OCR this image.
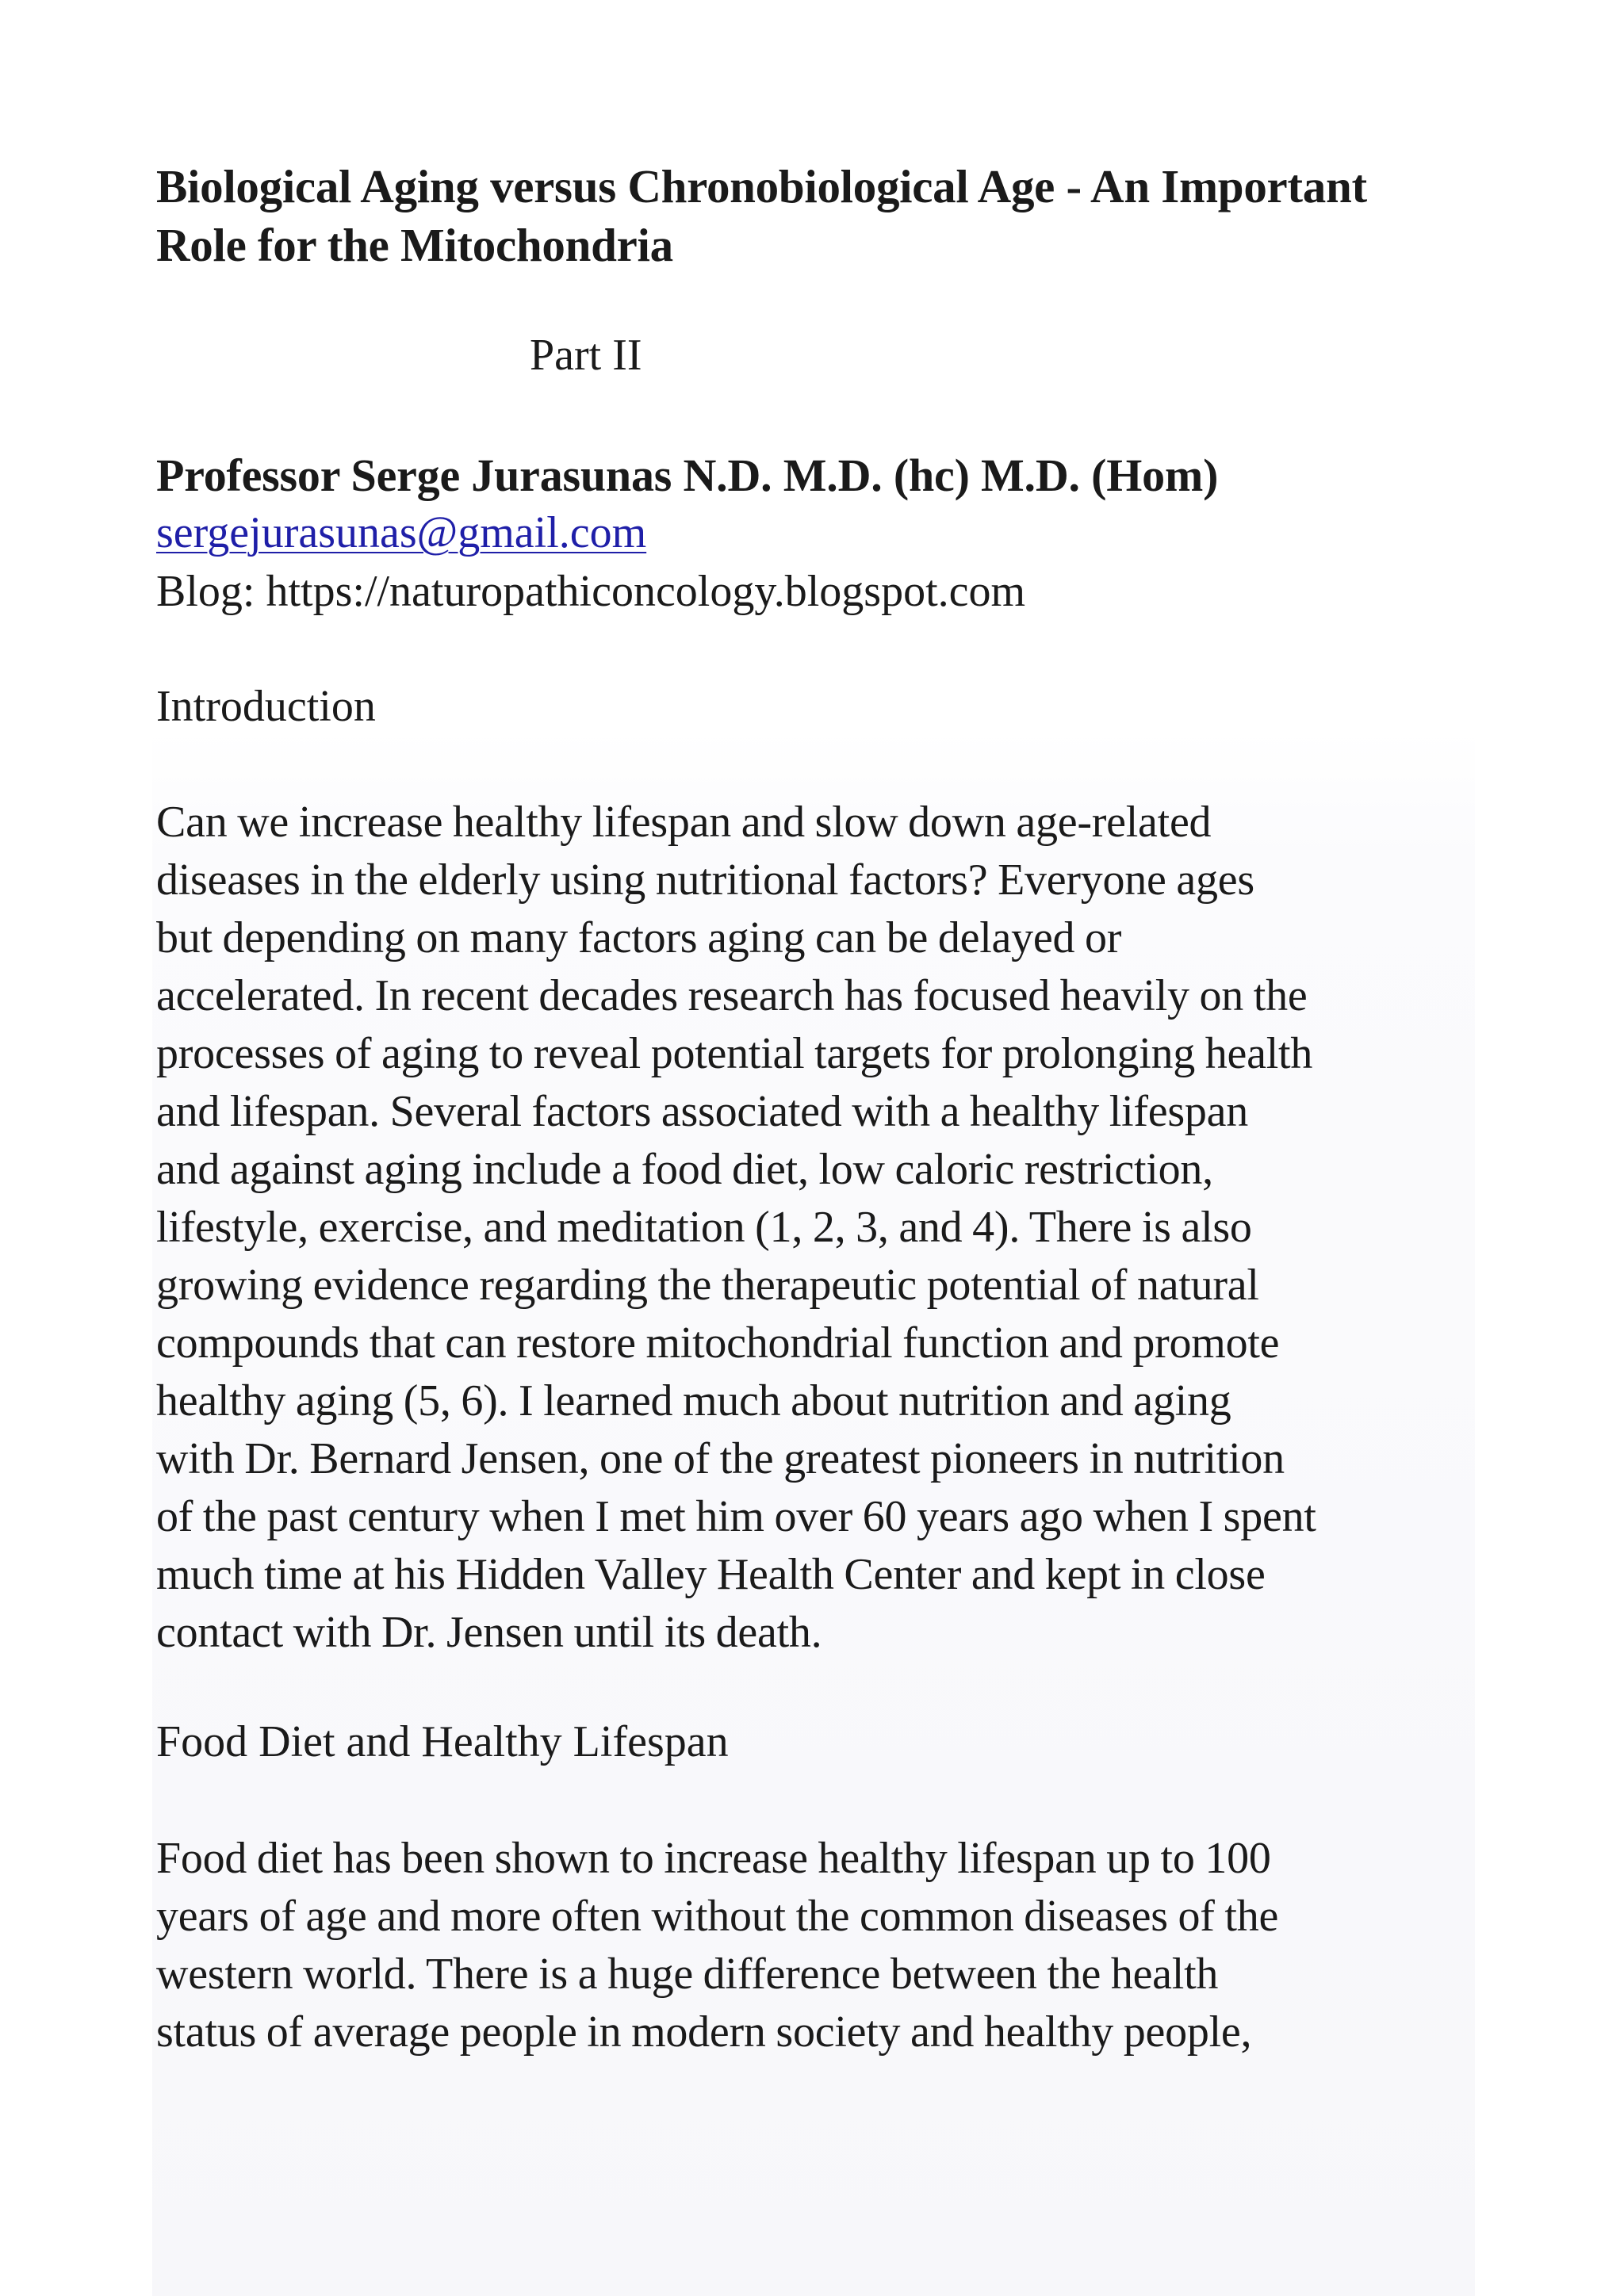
Biological Aging versus Chronobiological Age - An Important
Role for the Mitochondria

Part II

Professor Serge Jurasunas N.D. M.D. (hc) M.D. (Hom)

sergejurasunas@gmail.com

Blog: https://naturopathiconcology.blogspot.com

Introduction

Can we increase healthy lifespan and slow down age-related
diseases in the elderly using nutritional factors? Everyone ages
but depending on many factors aging can be delayed or
accelerated. In recent decades research has focused heavily on the
processes of aging to reveal potential targets for prolonging health
and lifespan. Several factors associated with a healthy lifespan
and against aging include a food diet, low caloric restriction,
lifestyle, exercise, and meditation (1, 2, 3, and 4). There is also
growing evidence regarding the therapeutic potential of natural
compounds that can restore mitochondrial function and promote
healthy aging (5, 6). I learned much about nutrition and aging
with Dr. Bernard Jensen, one of the greatest pioneers in nutrition
of the past century when I met him over 60 years ago when I spent
much time at his Hidden Valley Health Center and kept in close
contact with Dr. Jensen until its death.

Food Diet and Healthy Lifespan

Food diet has been shown to increase healthy lifespan up to 100
years of age and more often without the common diseases of the
western world. There is a huge difference between the health
status of average people in modern society and healthy people,
